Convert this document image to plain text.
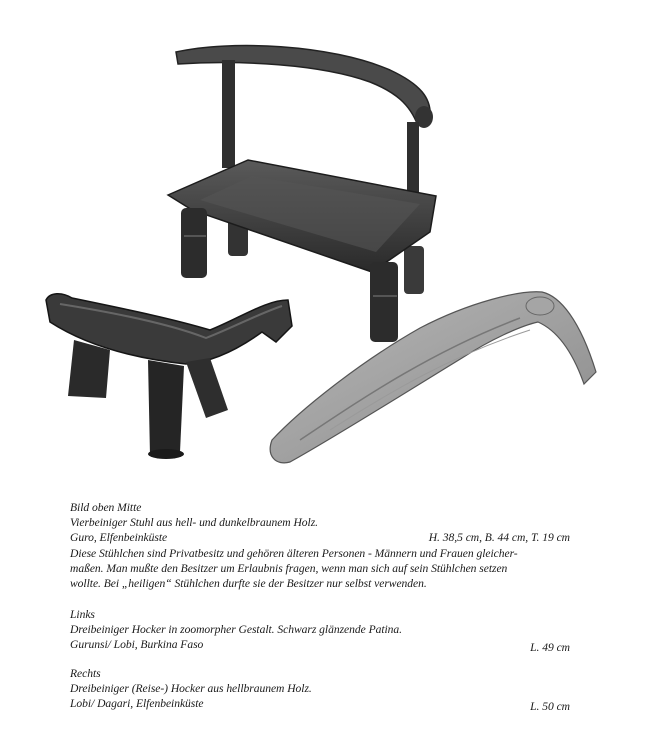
Bild oben Mitte
Vierbeiniger Stuhl aus hell- und dunkelbraunem Holz.
Guro, Elfenbeinküste	H. 38,5 cm, B. 44 cm, T. 19 cm
Diese Stühlchen sind Privatbesitz und gehören älteren Personen - Männern und Frauen gleicher-
maßen. Man mußte den Besitzer um Erlaubnis fragen, wenn man sich auf sein Stühlchen setzen
wollte. Bei „heiligen“ Stühlchen durfte sie der Besitzer nur selbst verwenden.
Links
Dreibeiniger Hocker in zoomorpher Gestalt. Schwarz glänzende Patina.
Gurunsi/ Lobi, Burkina Faso	L. 49 cm
Rechts
Dreibeiniger (Reise-) Hocker aus hellbraunem Holz.
Lobi/ Dagari, Elfenbeinküste	L. 50 cm
